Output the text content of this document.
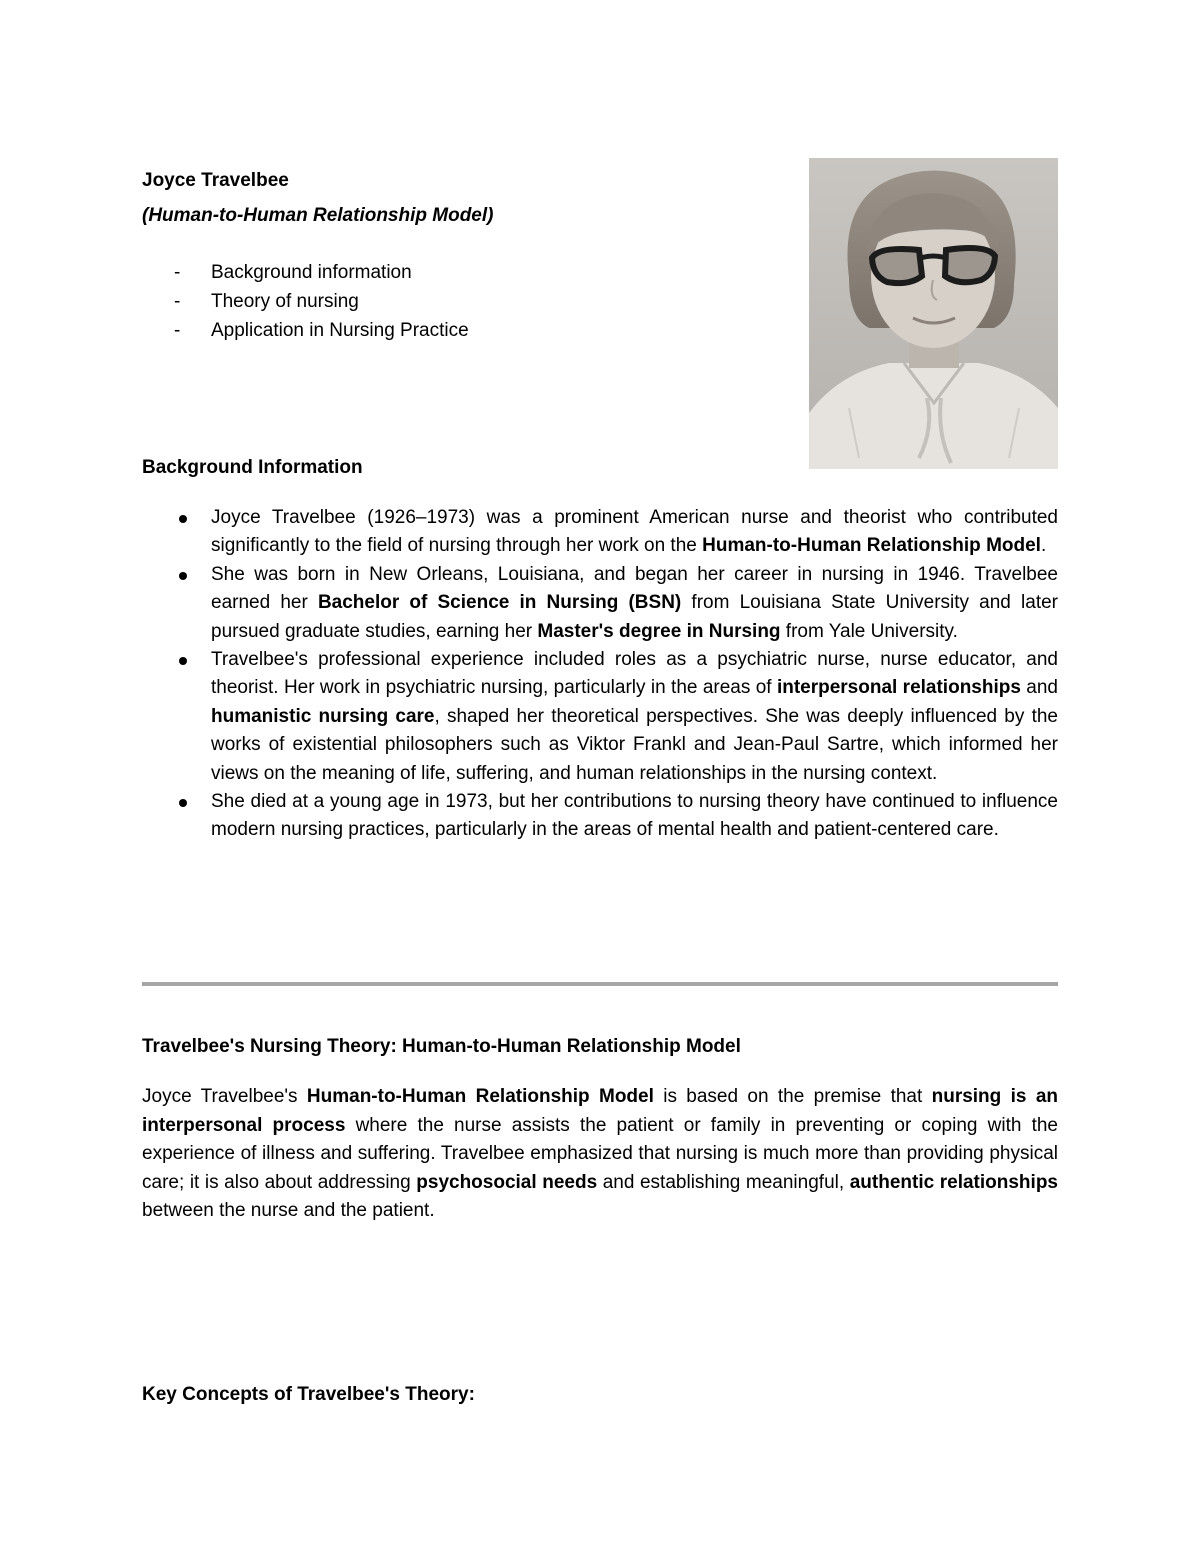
Joyce Travelbee
(Human-to-Human Relationship Model)
- Background information
- Theory of nursing
- Application in Nursing Practice
Background Information
Joyce Travelbee (1926–1973) was a prominent American nurse and theorist who contributed significantly to the field of nursing through her work on the Human-to-Human Relationship Model.
She was born in New Orleans, Louisiana, and began her career in nursing in 1946. Travelbee earned her Bachelor of Science in Nursing (BSN) from Louisiana State University and later pursued graduate studies, earning her Master's degree in Nursing from Yale University.
Travelbee's professional experience included roles as a psychiatric nurse, nurse educator, and theorist. Her work in psychiatric nursing, particularly in the areas of interpersonal relationships and humanistic nursing care, shaped her theoretical perspectives. She was deeply influenced by the works of existential philosophers such as Viktor Frankl and Jean-Paul Sartre, which informed her views on the meaning of life, suffering, and human relationships in the nursing context.
She died at a young age in 1973, but her contributions to nursing theory have continued to influence modern nursing practices, particularly in the areas of mental health and patient-centered care.
Travelbee's Nursing Theory: Human-to-Human Relationship Model

Joyce Travelbee's Human-to-Human Relationship Model is based on the premise that nursing is an interpersonal process where the nurse assists the patient or family in preventing or coping with the experience of illness and suffering. Travelbee emphasized that nursing is much more than providing physical care; it is also about addressing psychosocial needs and establishing meaningful, authentic relationships between the nurse and the patient.

Key Concepts of Travelbee's Theory:
